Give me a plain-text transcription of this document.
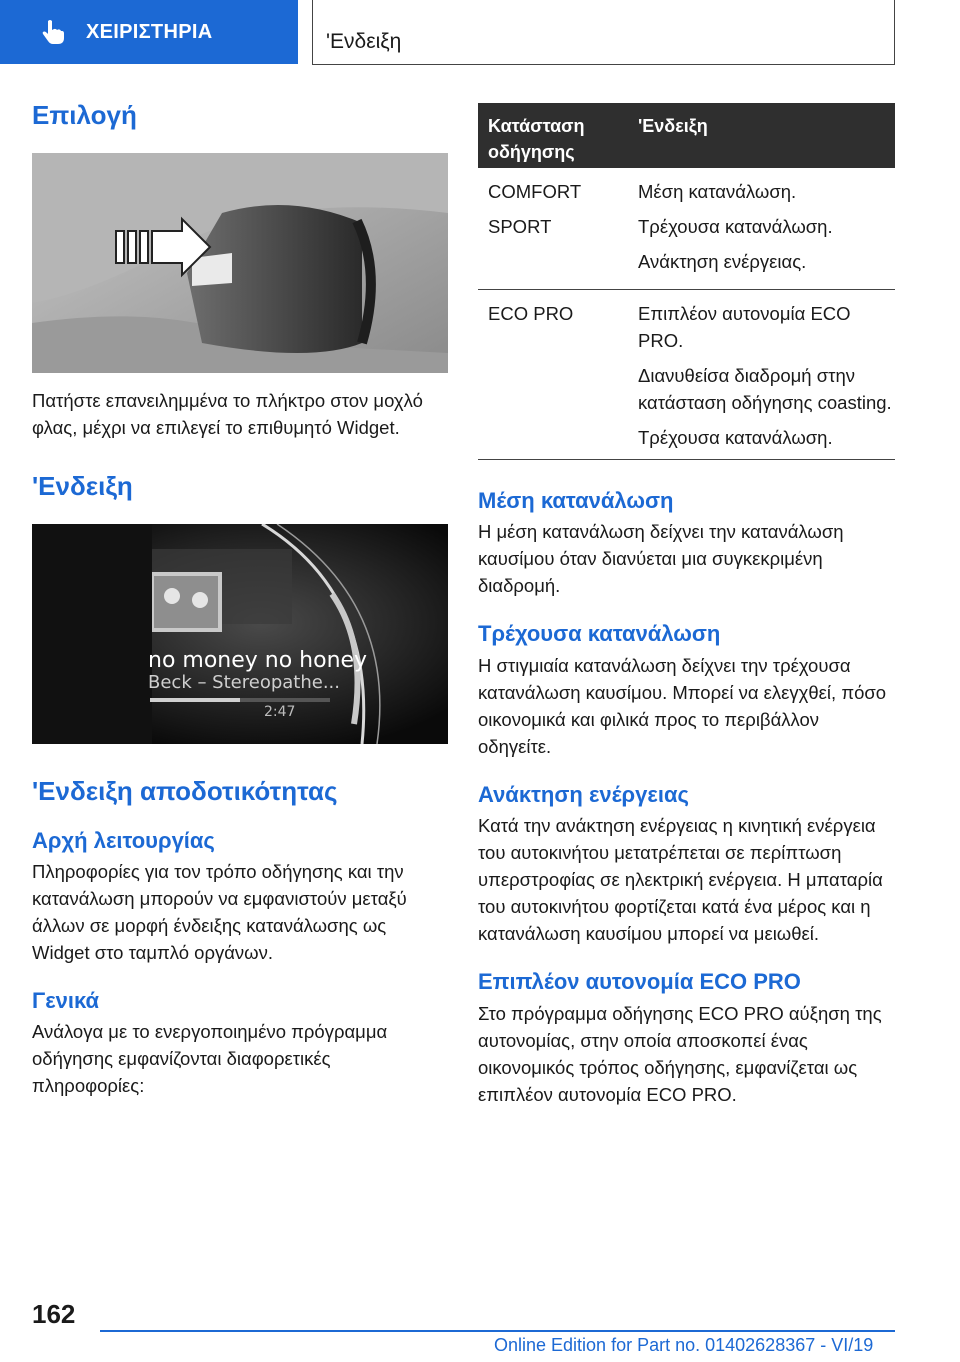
ΧΕΙΡΙΣΤΗΡΙΑ	'Ενδειξη
Επιλογή

Πατήστε επανειλημμένα το πλήκτρο στον μοχλό φλας, μέχρι να επιλεγεί το επιθυμητό Widget.

'Ενδειξη
no money no honey
Beck – Stereopathe...
2:47
'Ενδειξη αποδοτικότητας
Αρχή λειτουργίας

Πληροφορίες για τον τρόπο οδήγησης και την κατανάλωση μπορούν να εμφανιστούν μεταξύ άλλων σε μορφή ένδειξης κατανάλωσης ως Widget στο ταμπλό οργάνων.

Γενικά

Ανάλογα με το ενεργοποιημένο πρόγραμμα οδήγησης εμφανίζονται διαφορετικές πληροφορίες:

Κατάσταση οδήγησης
'Ενδειξη
COMFORT
SPORT
Μέση κατανάλωση.
Τρέχουσα κατανάλωση.
Ανάκτηση ενέργειας.
ECO PRO	Επιπλέον αυτονομία ECO PRO.
Διανυθείσα διαδρομή στην κατάσταση οδήγησης coasting.
Τρέχουσα κατανάλωση.
Μέση κατανάλωση

Η μέση κατανάλωση δείχνει την κατανάλωση καυσίμου όταν διανύεται μια συγκεκριμένη διαδρομή.

Τρέχουσα κατανάλωση

Η στιγμιαία κατανάλωση δείχνει την τρέχουσα κατανάλωση καυσίμου. Μπορεί να ελεγχθεί, πόσο οικονομικά και φιλικά προς το περιβάλλον οδηγείτε.

Ανάκτηση ενέργειας

Κατά την ανάκτηση ενέργειας η κινητική ενέργεια του αυτοκινήτου μετατρέπεται σε περίπτωση υπερστροφίας σε ηλεκτρική ενέργεια. Η μπαταρία του αυτοκινήτου φορτίζεται κατά ένα μέρος και η κατανάλωση καυσίμου μπορεί να μειωθεί.

Επιπλέον αυτονομία ECO PRO

Στο πρόγραμμα οδήγησης ECO PRO αύξηση της αυτονομίας, στην οποία αποσκοπεί ένας οικονομικός τρόπος οδήγησης, εμφανίζεται ως επιπλέον αυτονομία ECO PRO.

162
Online Edition for Part no. 01402628367 - VI/19
